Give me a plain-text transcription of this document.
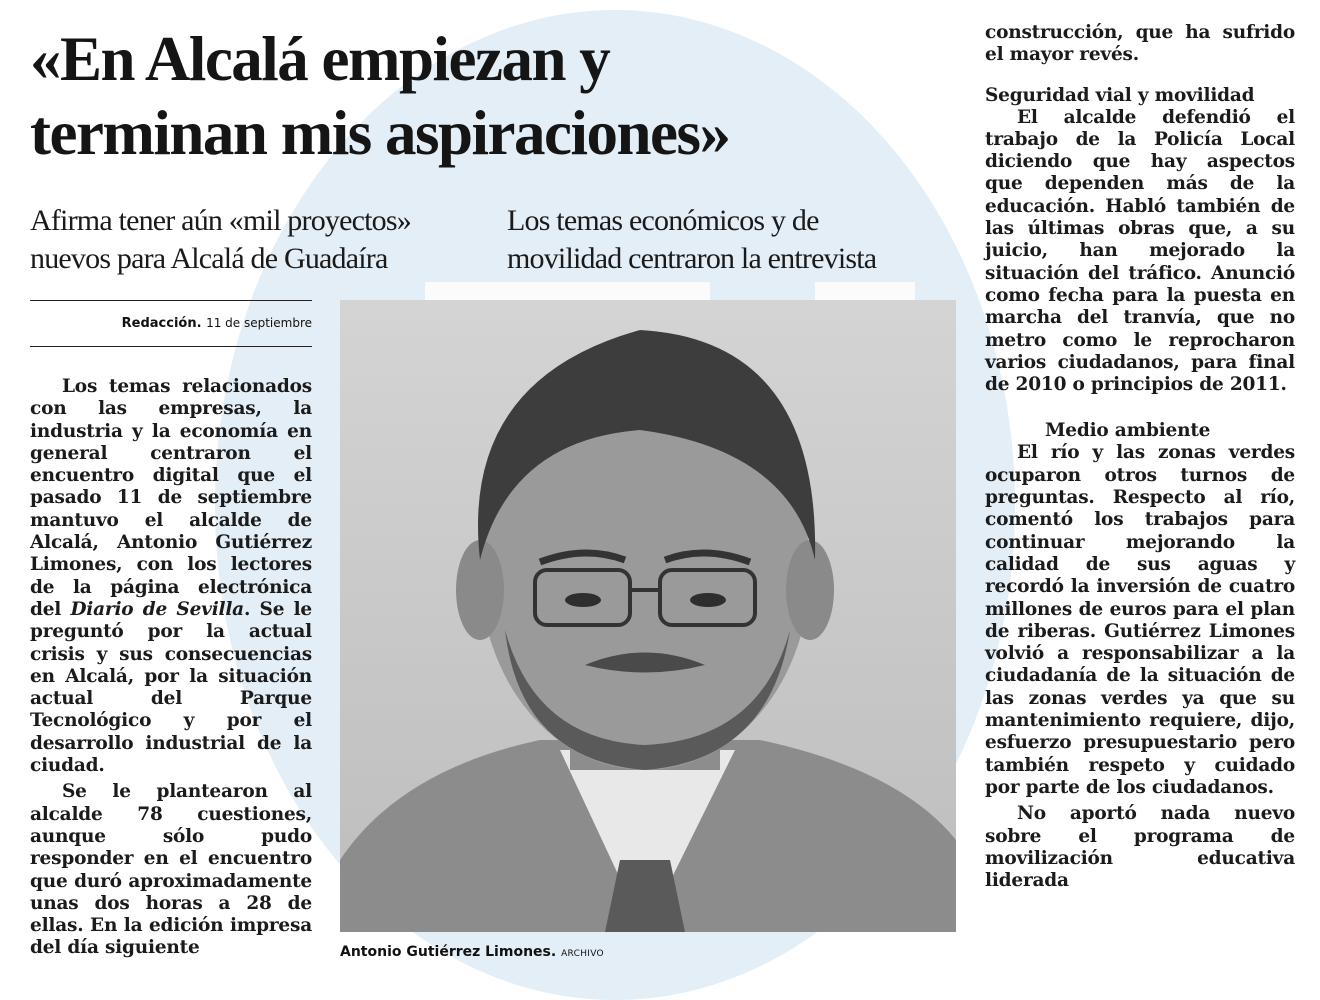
«En Alcalá empiezan y
terminan mis aspiraciones»
Afirma tener aún «mil proyectos»
nuevos para Alcalá de Guadaíra
Los temas económicos y de
movilidad centraron la entrevista
Redacción. 11 de septiembre

Los temas relacionados con las empresas, la industria y la economía en general centraron el encuentro digital que el pasado 11 de septiembre mantuvo el alcalde de Alcalá, Antonio Gutiérrez Limones, con los lectores de la página electrónica del Diario de Sevilla. Se le preguntó por la actual crisis y sus consecuencias en Alcalá, por la situación actual del Parque Tecnológico y por el desarrollo industrial de la ciudad.

Se le plantearon al alcalde 78 cuestiones, aunque sólo pudo responder en el encuentro que duró aproximadamente unas dos horas a 28 de ellas. En la edición impresa del día siguiente	Antonio Gutiérrez Limones. ARCHIVO

construcción, que ha sufrido el mayor revés.

Seguridad vial y movilidad

El alcalde defendió el trabajo de la Policía Local diciendo que hay aspectos que dependen más de la educación. Habló también de las últimas obras que, a su juicio, han mejorado la situación del tráfico. Anunció como fecha para la puesta en marcha del tranvía, que no metro como le reprocharon varios ciudadanos, para final de 2010 o principios de 2011.

Medio ambiente

El río y las zonas verdes ocuparon otros turnos de preguntas. Respecto al río, comentó los trabajos para continuar mejorando la calidad de sus aguas y recordó la inversión de cuatro millones de euros para el plan de riberas. Gutiérrez Limones volvió a responsabilizar a la ciudadanía de la situación de las zonas verdes ya que su mantenimiento requiere, dijo, esfuerzo presupuestario pero también respeto y cuidado por parte de los ciudadanos.

No aportó nada nuevo sobre el programa de movilización educativa liderada
